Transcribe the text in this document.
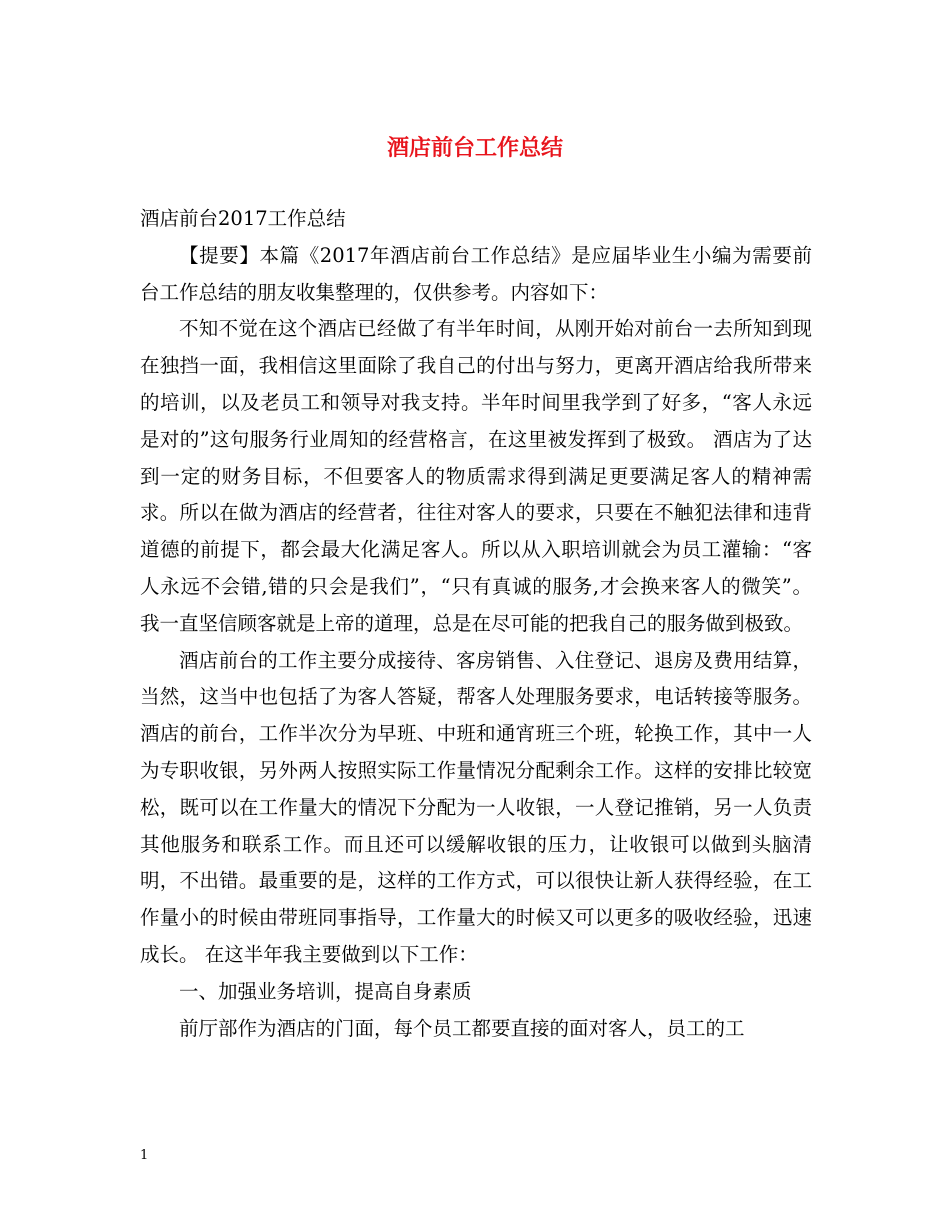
酒店前台工作总结

酒店前台2017工作总结

【提要】本篇《2017年酒店前台工作总结》是应届毕业生小编为需要前台工作总结的朋友收集整理的，仅供参考。内容如下：

不知不觉在这个酒店已经做了有半年时间，从刚开始对前台一去所知到现在独挡一面，我相信这里面除了我自己的付出与努力，更离开酒店给我所带来的培训，以及老员工和领导对我支持。半年时间里我学到了好多，“客人永远是对的”这句服务行业周知的经营格言，在这里被发挥到了极致。 酒店为了达到一定的财务目标，不但要客人的物质需求得到满足更要满足客人的精神需求。所以在做为酒店的经营者，往往对客人的要求，只要在不触犯法律和违背道德的前提下，都会最大化满足客人。所以从入职培训就会为员工灌输：“客人永远不会错,错的只会是我们”，“只有真诚的服务,才会换来客人的微笑”。 我一直坚信顾客就是上帝的道理，总是在尽可能的把我自己的服务做到极致。

酒店前台的工作主要分成接待、客房销售、入住登记、退房及费用结算，当然，这当中也包括了为客人答疑，帮客人处理服务要求，电话转接等服务。酒店的前台，工作半次分为早班、中班和通宵班三个班，轮换工作，其中一人为专职收银，另外两人按照实际工作量情况分配剩余工作。这样的安排比较宽松，既可以在工作量大的情况下分配为一人收银，一人登记推销，另一人负责其他服务和联系工作。而且还可以缓解收银的压力，让收银可以做到头脑清明，不出错。最重要的是，这样的工作方式，可以很快让新人获得经验，在工作量小的时候由带班同事指导，工作量大的时候又可以更多的吸收经验，迅速成长。 在这半年我主要做到以下工作：

一、加强业务培训，提高自身素质

前厅部作为酒店的门面，每个员工都要直接的面对客人，员工的工

1
